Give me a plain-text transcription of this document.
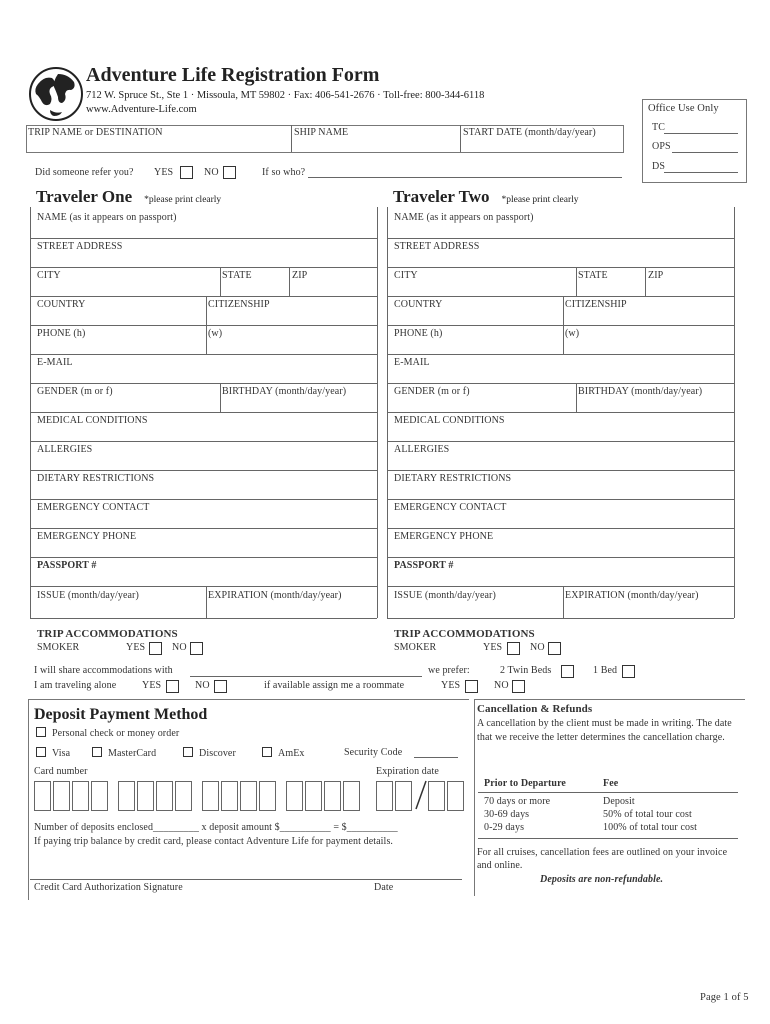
Adventure Life Registration Form
712 W. Spruce St., Ste 1 · Missoula, MT 59802 · Fax: 406-541-2676 · Toll-free: 800-344-6118
www.Adventure-Life.com	Office Use Only
TC
OPS
DS
TRIP NAME or DESTINATION	SHIP NAME	START DATE (month/day/year)
Did someone refer you? YES	NO	If so who?
Traveler One *please print clearly
NAME (as it appears on passport)
STREET ADDRESS
CITY	STATE	ZIP
COUNTRY	CITIZENSHIP
PHONE (h)	(w)
E-MAIL
GENDER (m or f)	BIRTHDAY (month/day/year)
MEDICAL CONDITIONS
ALLERGIES
DIETARY RESTRICTIONS
EMERGENCY CONTACT
EMERGENCY PHONE
PASSPORT #
ISSUE (month/day/year)	EXPIRATION (month/day/year)
Traveler Two *please print clearly
NAME (as it appears on passport)
STREET ADDRESS
CITY	STATE	ZIP
COUNTRY	CITIZENSHIP
PHONE (h)	(w)
E-MAIL
GENDER (m or f)	BIRTHDAY (month/day/year)
MEDICAL CONDITIONS
ALLERGIES
DIETARY RESTRICTIONS
EMERGENCY CONTACT
EMERGENCY PHONE
PASSPORT #
ISSUE (month/day/year)	EXPIRATION (month/day/year)
TRIP ACCOMMODATIONS
SMOKER	YES	NO
TRIP ACCOMMODATIONS
SMOKER	YES	NO
I will share accommodations with	we prefer:	2 Twin Beds	1 Bed
I am traveling alone	YES	NO	if available assign me a roommate	YES	NO
Deposit Payment Method
Personal check or money order
Visa	MasterCard	Discover	AmEx	Security Code
Card number	Expiration date
Number of deposits enclosed_________ x deposit amount $__________ = $__________
If paying trip balance by credit card, please contact Adventure Life for payment details.
Credit Card Authorization Signature	Date
Cancellation & Refunds
A cancellation by the client must be made in writing. The date that we receive the letter determines the cancellation charge.
Prior to Departure	Fee
70 days or more	Deposit
30-69 days	50% of total tour cost
0-29 days	100% of total tour cost
For all cruises, cancellation fees are outlined on your invoice and online.
Deposits are non-refundable.
Page 1 of 5
